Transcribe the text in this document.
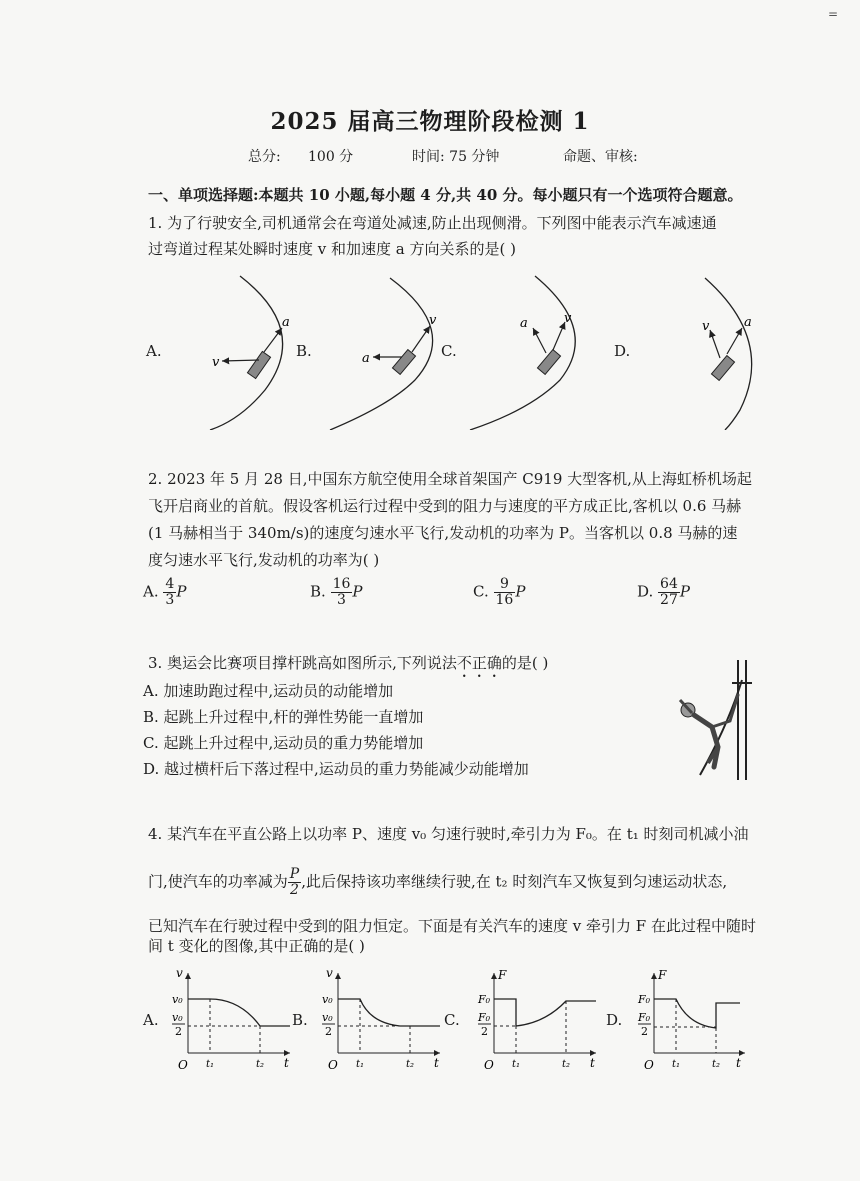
=
2025 届高三物理阶段检测 1
总分: 100 分	时间: 75 分钟	命题、审核:
一、单项选择题:本题共 10 小题,每小题 4 分,共 40 分。每小题只有一个选项符合题意。
1. 为了行驶安全,司机通常会在弯道处减速,防止出现侧滑。下列图中能表示汽车减速通
过弯道过程某处瞬时速度 v 和加速度 a 方向关系的是( )
A.	B.	C.	D.
v
a
a
v	a	v
v	a
2. 2023 年 5 月 28 日,中国东方航空使用全球首架国产 C919 大型客机,从上海虹桥机场起
飞开启商业的首航。假设客机运行过程中受到的阻力与速度的平方成正比,客机以 0.6 马赫
(1 马赫相当于 340m/s)的速度匀速水平飞行,发动机的功率为 P。当客机以 0.8 马赫的速
度匀速水平飞行,发动机的功率为( )
A. $\frac{4}{3}$ P	B. $\frac{16}{3}$ P	C. $\frac{9}{16}$ P	D. $\frac{64}{27}$ P
3. 奥运会比赛项目撑杆跳高如图所示,下列说法不正确的是( )
A. 加速助跑过程中,运动员的动能增加
B. 起跳上升过程中,杆的弹性势能一直增加
C. 起跳上升过程中,运动员的重力势能增加
D. 越过横杆后下落过程中,运动员的重力势能减少动能增加
4. 某汽车在平直公路上以功率 P、速度 v₀ 匀速行驶时,牵引力为 F₀。在 t₁ 时刻司机减小油
门,使汽车的功率减为 $\frac{P}{2}$ ,此后保持该功率继续行驶,在 t₂ 时刻汽车又恢复到匀速运动状态,
已知汽车在行驶过程中受到的阻力恒定。下面是有关汽车的速度 v 牵引力 F 在此过程中随时
间 t 变化的图像,其中正确的是( )
A.	B.	C.	D.
v
v₀
v₀
2
O t₁	t₂ t
v
v₀
v₀
2
O t₁	t₂ t
F
F₀
F₀
2
O t₁	t₂ t
F
F₀
F₀
2
O t₁	t₂ t
